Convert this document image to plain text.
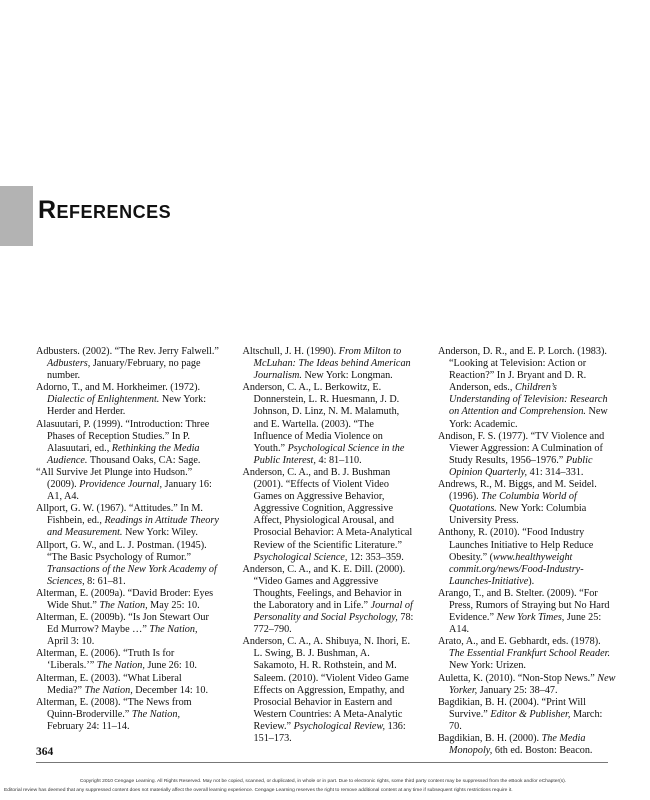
References

Adbusters. (2002). “The Rev. Jerry Falwell.” Adbusters, January/February, no page number.

Adorno, T., and M. Horkheimer. (1972). Dialectic of Enlightenment. New York: Herder and Herder.

Alasuutari, P. (1999). “Introduction: Three Phases of Reception Studies.” In P. Alasuutari, ed., Rethinking the Media Audience. Thousand Oaks, CA: Sage.

“All Survive Jet Plunge into Hudson.” (2009). Providence Journal, January 16: A1, A4.

Allport, G. W. (1967). “Attitudes.” In M. Fishbein, ed., Readings in Attitude Theory and Measurement. New York: Wiley.

Allport, G. W., and L. J. Postman. (1945). “The Basic Psychology of Rumor.” Transactions of the New York Academy of Sciences, 8: 61–81.

Alterman, E. (2009a). “David Broder: Eyes Wide Shut.” The Nation, May 25: 10.

Alterman, E. (2009b). “Is Jon Stewart Our Ed Murrow? Maybe …” The Nation, April 3: 10.

Alterman, E. (2006). “Truth Is for ‘Liberals.’” The Nation, June 26: 10.

Alterman, E. (2003). “What Liberal Media?” The Nation, December 14: 10.

Alterman, E. (2008). “The News from Quinn-Broderville.” The Nation, February 24: 11–14.

Altschull, J. H. (1990). From Milton to McLuhan: The Ideas behind American Journalism. New York: Longman.

Anderson, C. A., L. Berkowitz, E. Donnerstein, L. R. Huesmann, J. D. Johnson, D. Linz, N. M. Malamuth, and E. Wartella. (2003). “The Influence of Media Violence on Youth.” Psychological Science in the Public Interest, 4: 81–110.

Anderson, C. A., and B. J. Bushman (2001). “Effects of Violent Video Games on Aggressive Behavior, Aggressive Cognition, Aggressive Affect, Physiological Arousal, and Prosocial Behavior: A Meta-Analytical Review of the Scientific Literature.” Psychological Science, 12: 353–359.

Anderson, C. A., and K. E. Dill. (2000). “Video Games and Aggressive Thoughts, Feelings, and Behavior in the Laboratory and in Life.” Journal of Personality and Social Psychology, 78: 772–790.

Anderson, C. A., A. Shibuya, N. Ihori, E. L. Swing, B. J. Bushman, A. Sakamoto, H. R. Rothstein, and M. Saleem. (2010). “Violent Video Game Effects on Aggression, Empathy, and Prosocial Behavior in Eastern and Western Countries: A Meta-Analytic Review.” Psychological Review, 136: 151–173.

Anderson, D. R., and E. P. Lorch. (1983). “Looking at Television: Action or Reaction?” In J. Bryant and D. R. Anderson, eds., Children’s Understanding of Television: Research on Attention and Comprehension. New York: Academic.

Andison, F. S. (1977). “TV Violence and Viewer Aggression: A Culmination of Study Results, 1956–1976.” Public Opinion Quarterly, 41: 314–331.

Andrews, R., M. Biggs, and M. Seidel. (1996). The Columbia World of Quotations. New York: Columbia University Press.

Anthony, R. (2010). “Food Industry Launches Initiative to Help Reduce Obesity.” (www.healthyweight commit.org/news/Food-Industry-Launches-Initiative).

Arango, T., and B. Stelter. (2009). “For Press, Rumors of Straying but No Hard Evidence.” New York Times, June 25: A14.

Arato, A., and E. Gebhardt, eds. (1978). The Essential Frankfurt School Reader. New York: Urizen.

Auletta, K. (2010). “Non-Stop News.” New Yorker, January 25: 38–47.

Bagdikian, B. H. (2004). “Print Will Survive.” Editor & Publisher, March: 70.

Bagdikian, B. H. (2000). The Media Monopoly, 6th ed. Boston: Beacon.

364
Copyright 2010 Cengage Learning. All Rights Reserved. May not be copied, scanned, or duplicated, in whole or in part. Due to electronic rights, some third party content may be suppressed from the eBook and/or eChapter(s).
Editorial review has deemed that any suppressed content does not materially affect the overall learning experience. Cengage Learning reserves the right to remove additional content at any time if subsequent rights restrictions require it.
